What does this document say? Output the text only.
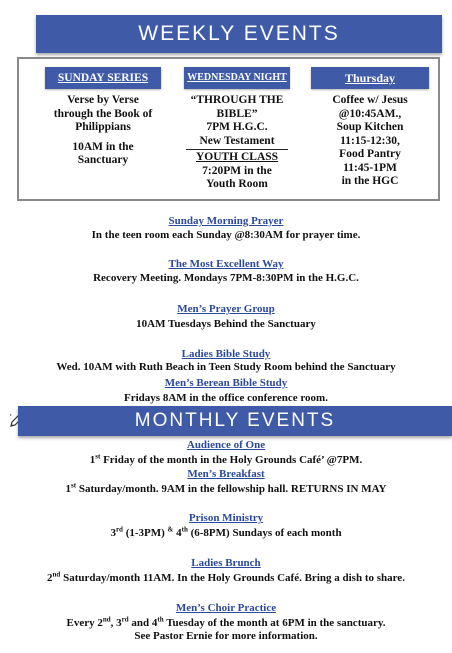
WEEKLY EVENTS
SUNDAY SERIES
Verse by Verse
through the Book of
Philippians
10AM in the
Sanctuary
WEDNESDAY NIGHT
“THROUGH THE
BIBLE”
7PM H.G.C.
New Testament
YOUTH CLASS
7:20PM in the
Youth Room
Thursday
Coffee w/ Jesus
@10:45AM.,
Soup Kitchen
11:15-12:30,
Food Pantry
11:45-1PM
in the HGC
Sunday Morning Prayer
In the teen room each Sunday @8:30AM for prayer time.
The Most Excellent Way
Recovery Meeting. Mondays 7PM-8:30PM in the H.G.C.
Men’s Prayer Group
10AM Tuesdays Behind the Sanctuary
Ladies Bible Study
Wed. 10AM with Ruth Beach in Teen Study Room behind the Sanctuary
Men’s Berean Bible Study
Fridays 8AM in the office conference room.
MONTHLY EVENTS
Audience of One
1st Friday of the month in the Holy Grounds Café’ @7PM.
Men’s Breakfast
1st Saturday/month. 9AM in the fellowship hall. RETURNS IN MAY
Prison Ministry
3rd (1-3PM) & 4th (6-8PM) Sundays of each month
Ladies Brunch
2nd Saturday/month 11AM. In the Holy Grounds Café. Bring a dish to share.
Men’s Choir Practice
Every 2nd, 3rd and 4th Tuesday of the month at 6PM in the sanctuary.
See Pastor Ernie for more information.
